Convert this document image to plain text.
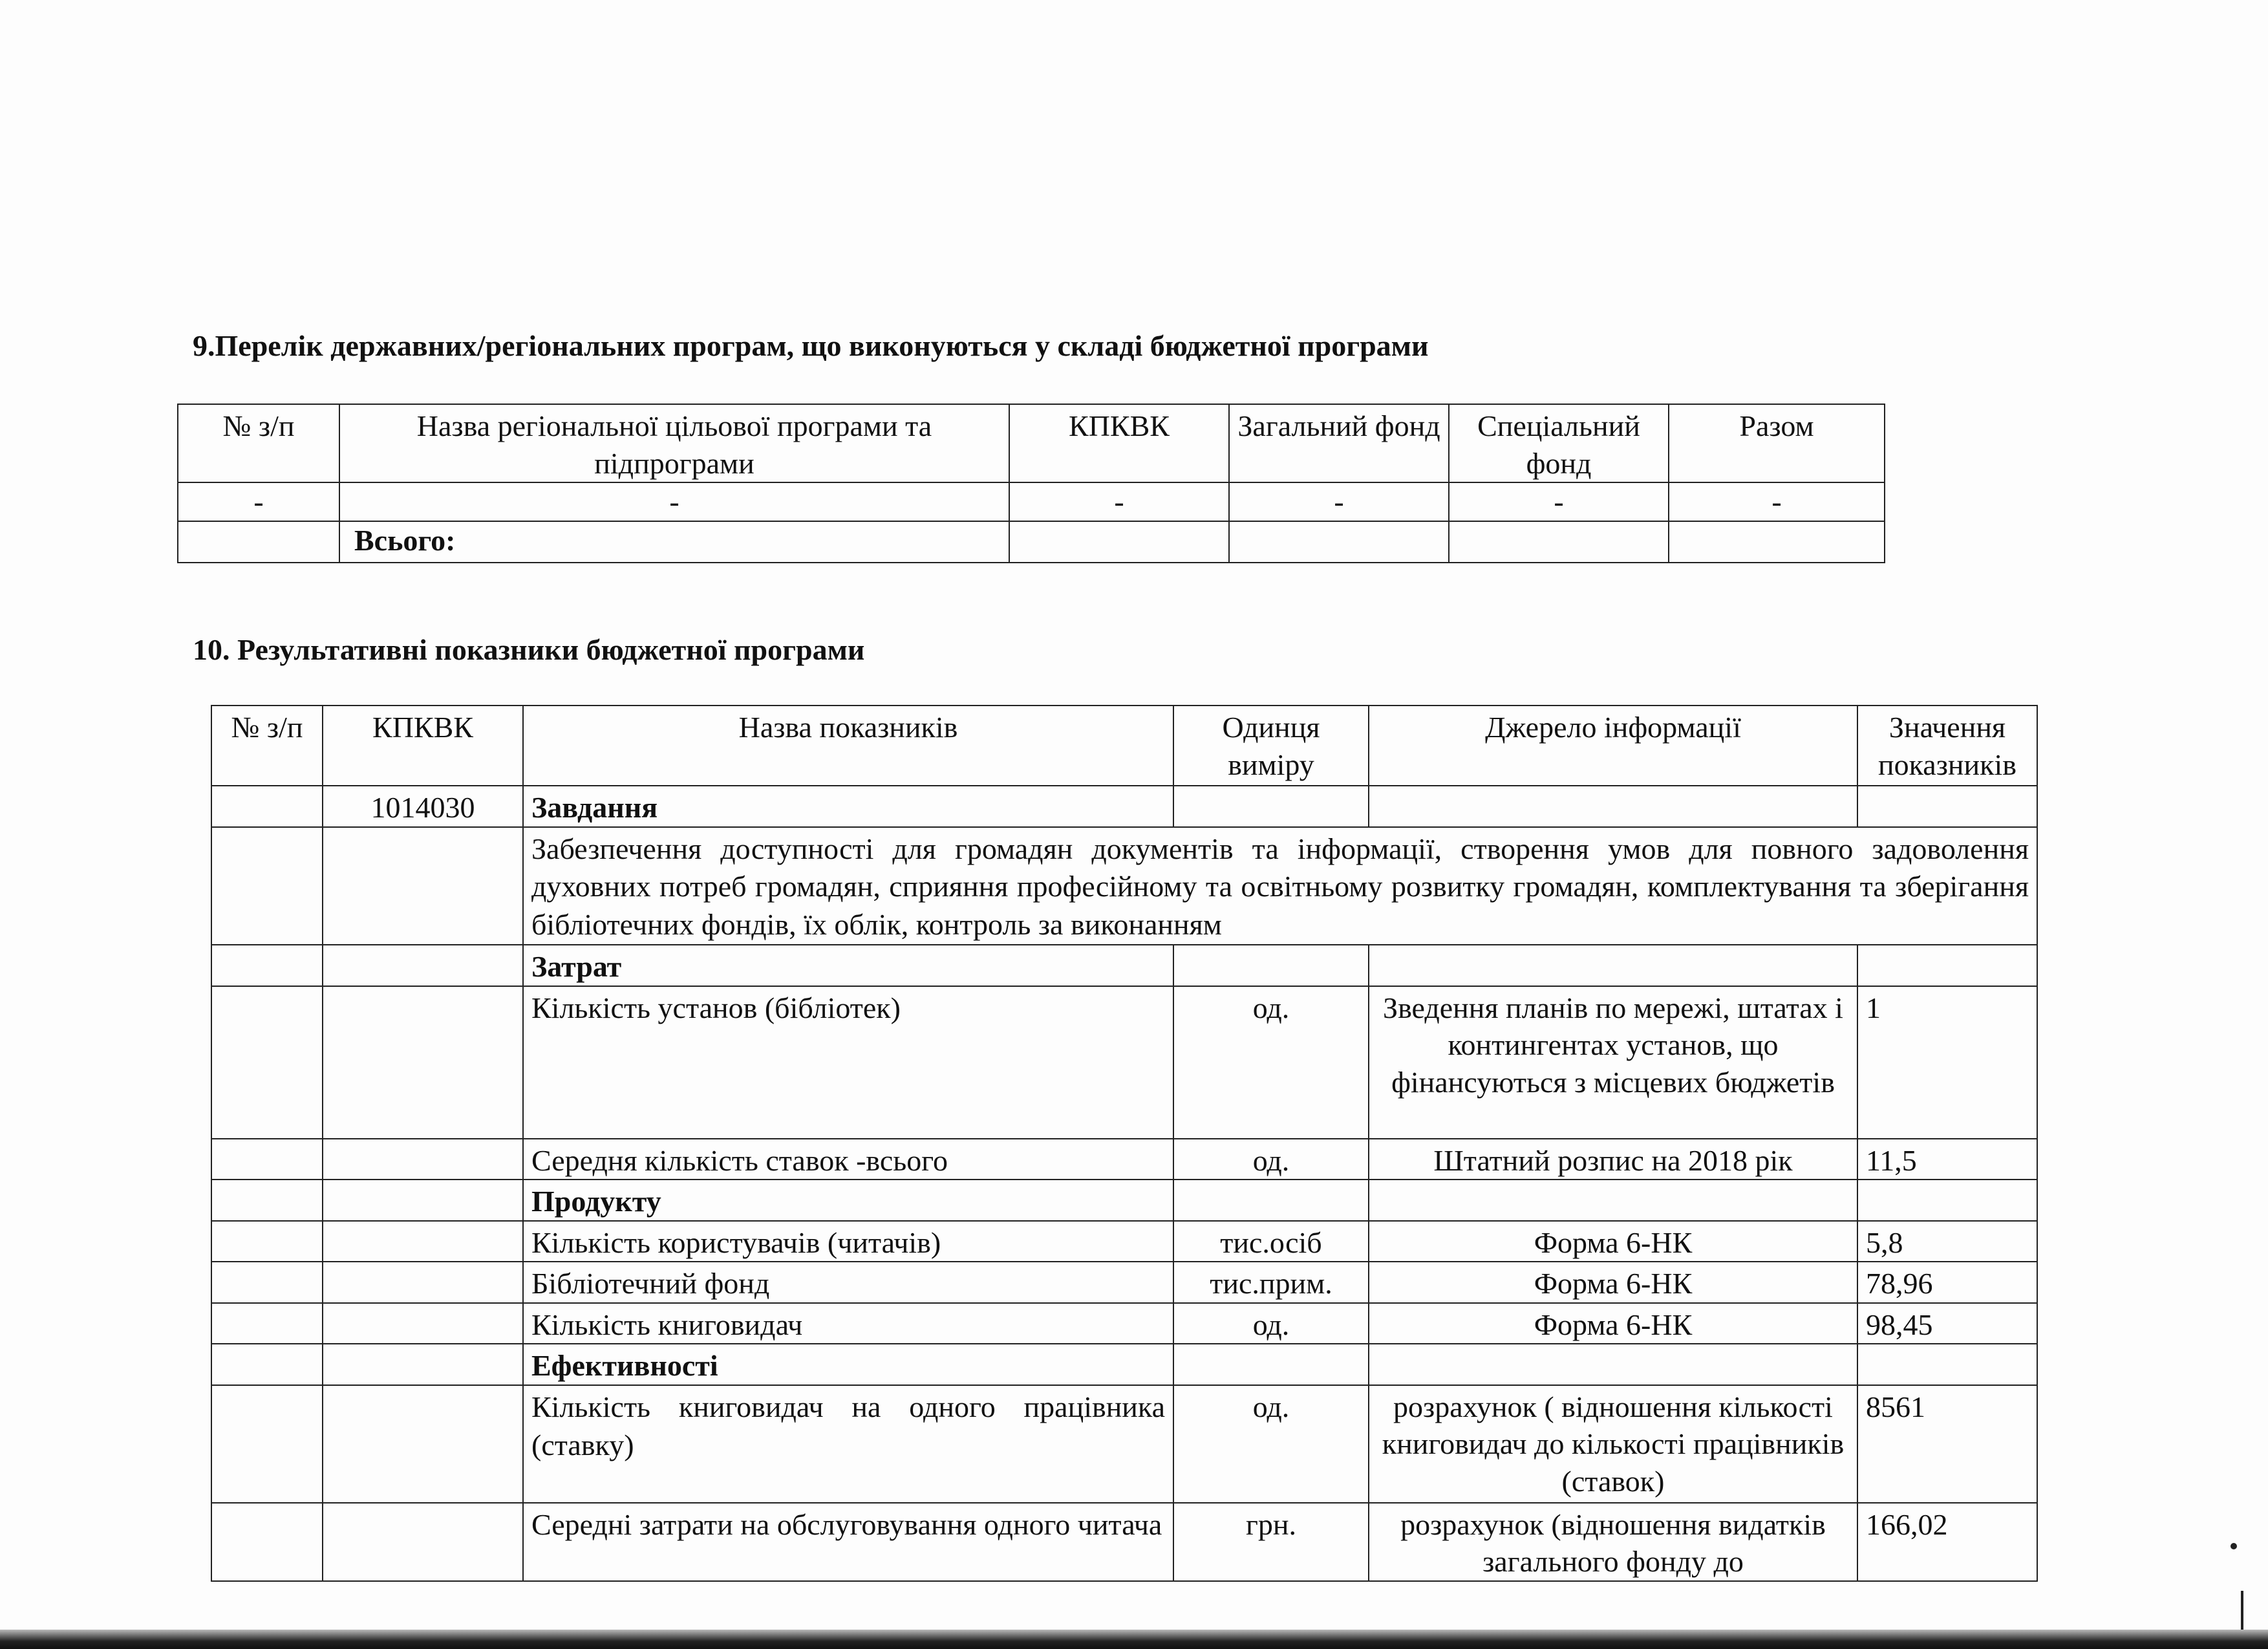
9.Перелік державних/регіональних програм, що виконуються у складі бюджетної програми
№ з/п	Назва регіональної цільової програми та підпрограми	КПКВК	Загальний фонд	Спеціальний фонд	Разом
-	-	-	-	-	-
	Всього:				
10. Результативні показники бюджетної програми
№ з/п	КПКВК	Назва показників	Одинця виміру	Джерело інформації	Значення показників
	1014030	Завдання			
		Забезпечення доступності для громадян документів та інформації, створення умов для повного задоволення духовних потреб громадян, сприяння професійному та освітньому розвитку громадян, комплектування та зберігання бібліотечних фондів, їх облік, контроль за виконанням			
		Затрат			
		Кількість установ (бібліотек)	од.	Зведення планів по мережі, штатах і контингентах установ, що фінансуються з місцевих бюджетів	1
		Середня кількість ставок -всього	од.	Штатний розпис на 2018 рік	11,5
		Продукту			
		Кількість користувачів (читачів)	тис.осіб	Форма 6-НК	5,8
		Бібліотечний фонд	тис.прим.	Форма 6-НК	78,96
		Кількість книговидач	од.	Форма 6-НК	98,45
		Ефективності			
		Кількість книговидач на одного працівника (ставку)	од.	розрахунок ( відношення кількості книговидач до кількості працівників (ставок)	8561
		Середні затрати на обслуговування одного читача	грн.	розрахунок (відношення видатків загального фонду до	166,02
